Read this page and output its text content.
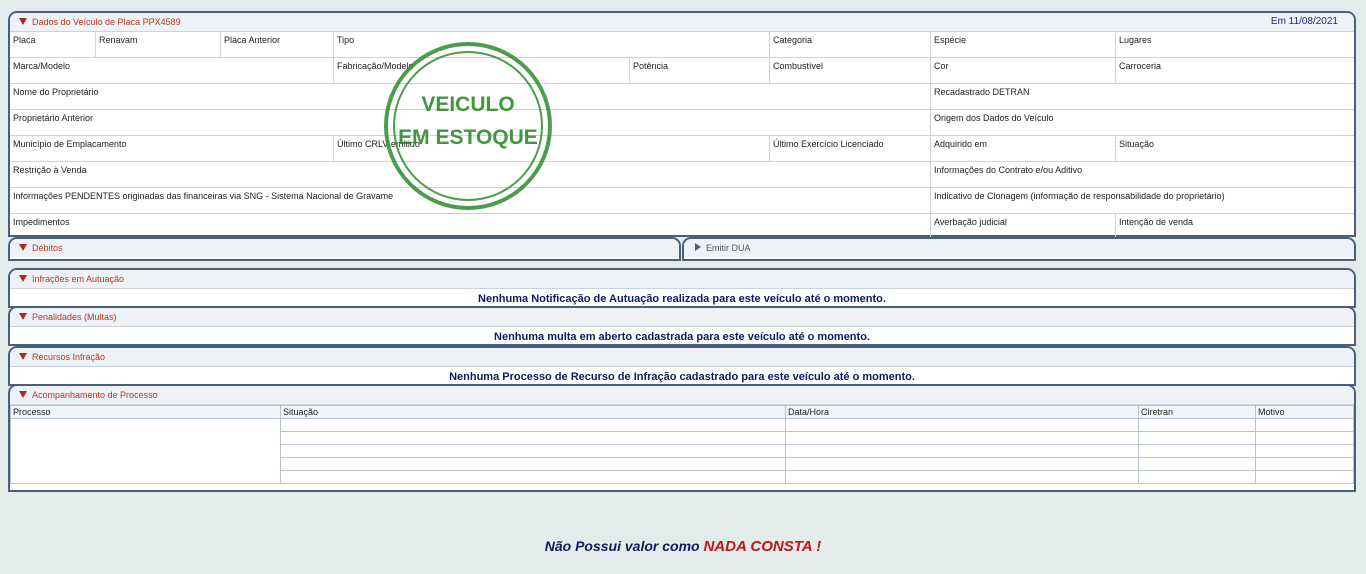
Dados do Veículo de Placa PPX4589	Em 11/08/2021
Placa	Renavam	Placa Anterior	Tipo	Categoria	Espécie	Lugares
Marca/Modelo	Fabricação/Modelo	Potência	Combustível	Cor	Carroceria
Nome do Proprietário	Recadastrado DETRAN
Proprietário Anterior	Origem dos Dados do Veículo
Município de Emplacamento	Último CRLV emitido	Último Exercício Licenciado	Adquirido em	Situação
Restrição à Venda	Informações do Contrato e/ou Aditivo
Informações PENDENTES originadas das financeiras via SNG - Sistema Nacional de Gravame	Indicativo de Clonagem (informação de responsabilidade do proprietário)
Impedimentos	Averbação judicial	Intenção de venda
VEICULO
EM ESTOQUE
Débitos	Emitir DUA
Infrações em Autuação
Nenhuma Notificação de Autuação realizada para este veículo até o momento.
Penalidades (Multas)
Nenhuma multa em aberto cadastrada para este veículo até o momento.
Recursos Infração
Nenhuma Processo de Recurso de Infração cadastrado para este veículo até o momento.
Acompanhamento de Processo
Processo	Situação	Data/Hora	Ciretran	Motivo

Não Possui valor como NADA CONSTA !
